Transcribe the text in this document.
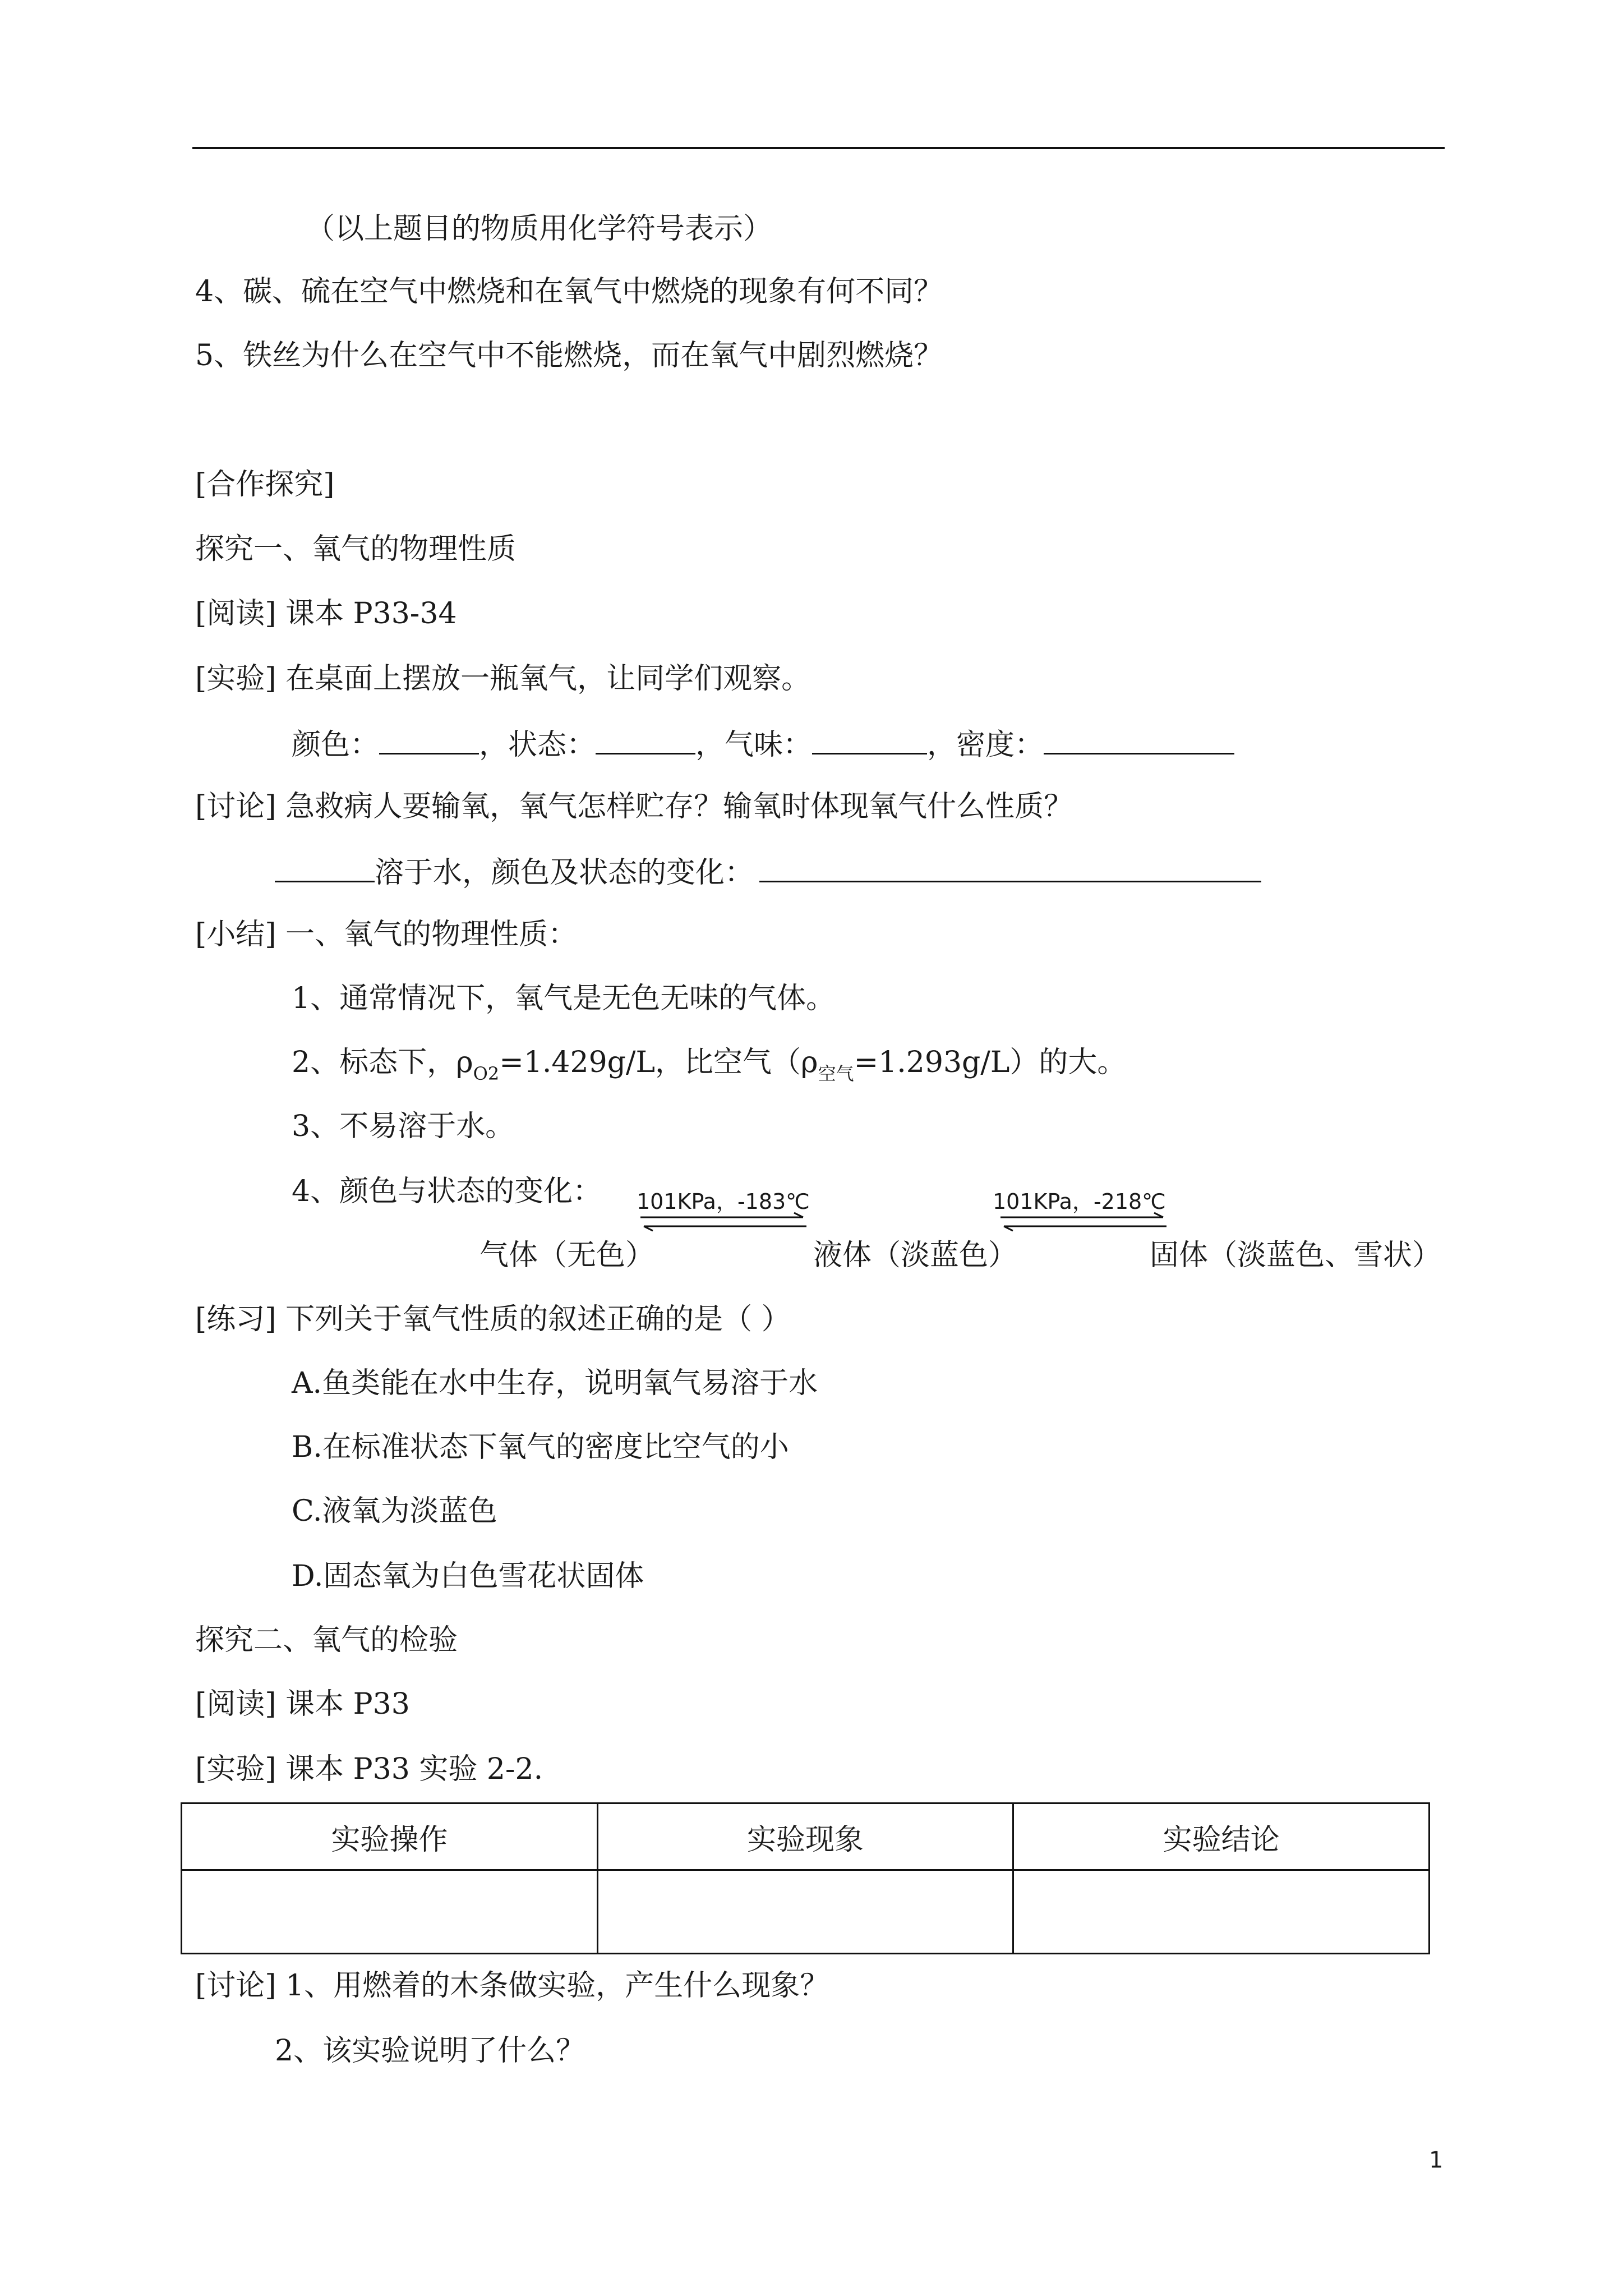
（以上题目的物质用化学符号表示）
4、碳、硫在空气中燃烧和在氧气中燃烧的现象有何不同？
5、铁丝为什么在空气中不能燃烧，而在氧气中剧烈燃烧？
[合作探究]
探究一、氧气的物理性质
[阅读] 课本 P33-34
[实验] 在桌面上摆放一瓶氧气，让同学们观察。
颜色：	，状态：	，气味：	，密度：
[讨论] 急救病人要输氧，氧气怎样贮存？输氧时体现氧气什么性质？
溶于水，颜色及状态的变化：
[小结] 一、氧气的物理性质：
1、通常情况下，氧气是无色无味的气体。
2、标态下，$\rho_{O2}=1.429g/L$，比空气$(\rho_{空气}=1.293g/L)$的大。
3、不易溶于水。
4、颜色与状态的变化： 101KPa，-183℃	101KPa，-218℃
气体（无色）	液体（淡蓝色）	固体（淡蓝色、雪状）
[练习] 下列关于氧气性质的叙述正确的是（ ）
A.鱼类能在水中生存，说明氧气易溶于水
B.在标准状态下氧气的密度比空气的小
C.液氧为淡蓝色
D.固态氧为白色雪花状固体
探究二、氧气的检验
[阅读] 课本 P33
[实验] 课本 P33 实验 2-2.
实验操作	实验现象	实验结论

[讨论] 1、用燃着的木条做实验，产生什么现象？
2、该实验说明了什么？
1
